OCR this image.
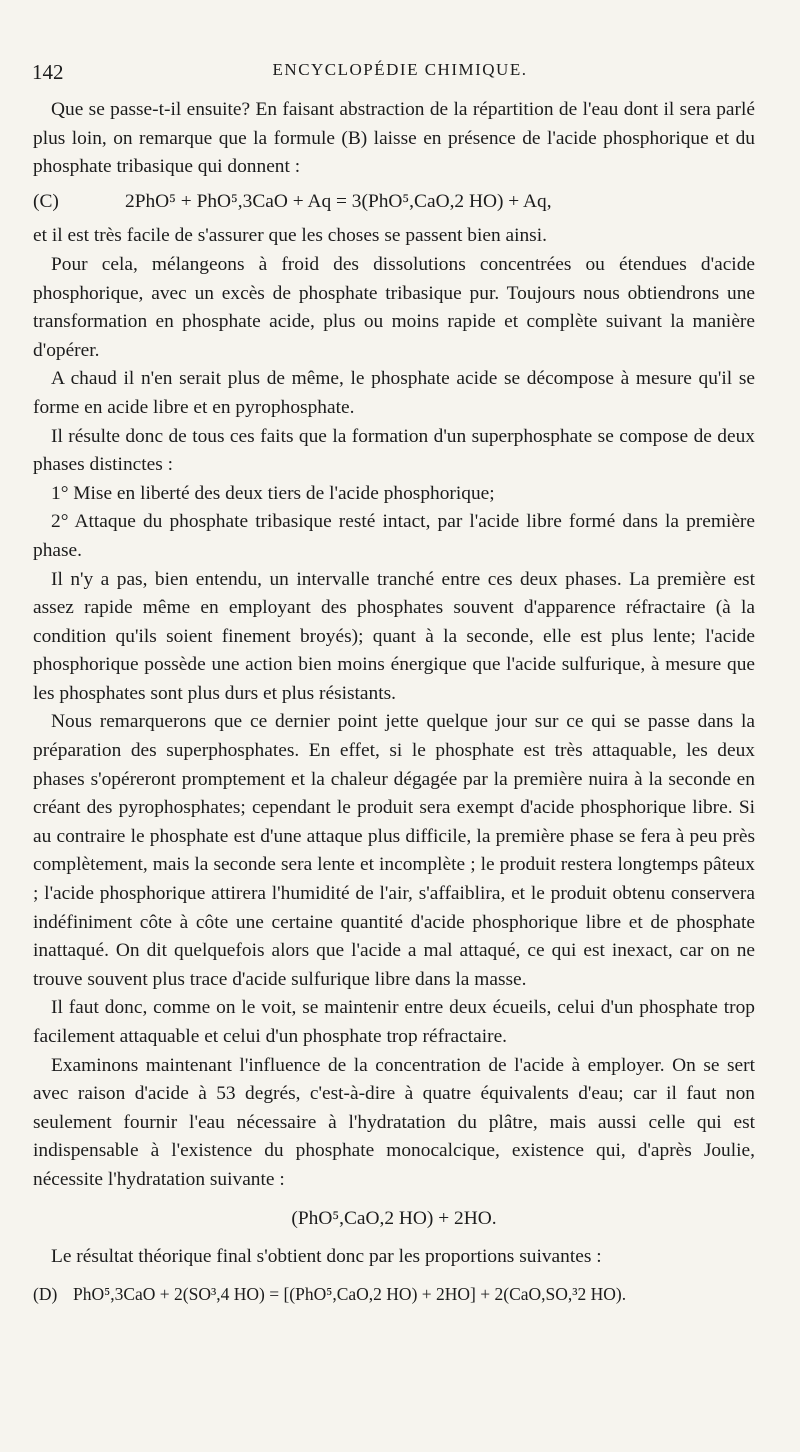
142	ENCYCLOPÉDIE CHIMIQUE.

Que se passe-t-il ensuite? En faisant abstraction de la répartition de l'eau dont il sera parlé plus loin, on remarque que la formule (B) laisse en présence de l'acide phosphorique et du phosphate tribasique qui donnent :

(C)	2PhO⁵ + PhO⁵,3CaO + Aq = 3(PhO⁵,CaO,2 HO) + Aq,

et il est très facile de s'assurer que les choses se passent bien ainsi.

Pour cela, mélangeons à froid des dissolutions concentrées ou étendues d'acide phosphorique, avec un excès de phosphate tribasique pur. Toujours nous obtiendrons une transformation en phosphate acide, plus ou moins rapide et complète suivant la manière d'opérer.

A chaud il n'en serait plus de même, le phosphate acide se décompose à mesure qu'il se forme en acide libre et en pyrophosphate.

Il résulte donc de tous ces faits que la formation d'un superphosphate se compose de deux phases distinctes :

1° Mise en liberté des deux tiers de l'acide phosphorique;

2° Attaque du phosphate tribasique resté intact, par l'acide libre formé dans la première phase.

Il n'y a pas, bien entendu, un intervalle tranché entre ces deux phases. La première est assez rapide même en employant des phosphates souvent d'apparence réfractaire (à la condition qu'ils soient finement broyés); quant à la seconde, elle est plus lente; l'acide phosphorique possède une action bien moins énergique que l'acide sulfurique, à mesure que les phosphates sont plus durs et plus résistants.

Nous remarquerons que ce dernier point jette quelque jour sur ce qui se passe dans la préparation des superphosphates. En effet, si le phosphate est très attaquable, les deux phases s'opéreront promptement et la chaleur dégagée par la première nuira à la seconde en créant des pyrophosphates; cependant le produit sera exempt d'acide phosphorique libre. Si au contraire le phosphate est d'une attaque plus difficile, la première phase se fera à peu près complètement, mais la seconde sera lente et incomplète ; le produit restera longtemps pâteux ; l'acide phosphorique attirera l'humidité de l'air, s'affaiblira, et le produit obtenu conservera indéfiniment côte à côte une certaine quantité d'acide phosphorique libre et de phosphate inattaqué. On dit quelquefois alors que l'acide a mal attaqué, ce qui est inexact, car on ne trouve souvent plus trace d'acide sulfurique libre dans la masse.

Il faut donc, comme on le voit, se maintenir entre deux écueils, celui d'un phosphate trop facilement attaquable et celui d'un phosphate trop réfractaire.

Examinons maintenant l'influence de la concentration de l'acide à employer. On se sert avec raison d'acide à 53 degrés, c'est-à-dire à quatre équivalents d'eau; car il faut non seulement fournir l'eau nécessaire à l'hydratation du plâtre, mais aussi celle qui est indispensable à l'existence du phosphate monocalcique, existence qui, d'après Joulie, nécessite l'hydratation suivante :

(PhO⁵,CaO,2 HO) + 2HO.

Le résultat théorique final s'obtient donc par les proportions suivantes :

(D) PhO⁵,3CaO + 2(SO³,4 HO) = [(PhO⁵,CaO,2 HO) + 2HO] + 2(CaO,SO,³2 HO).
